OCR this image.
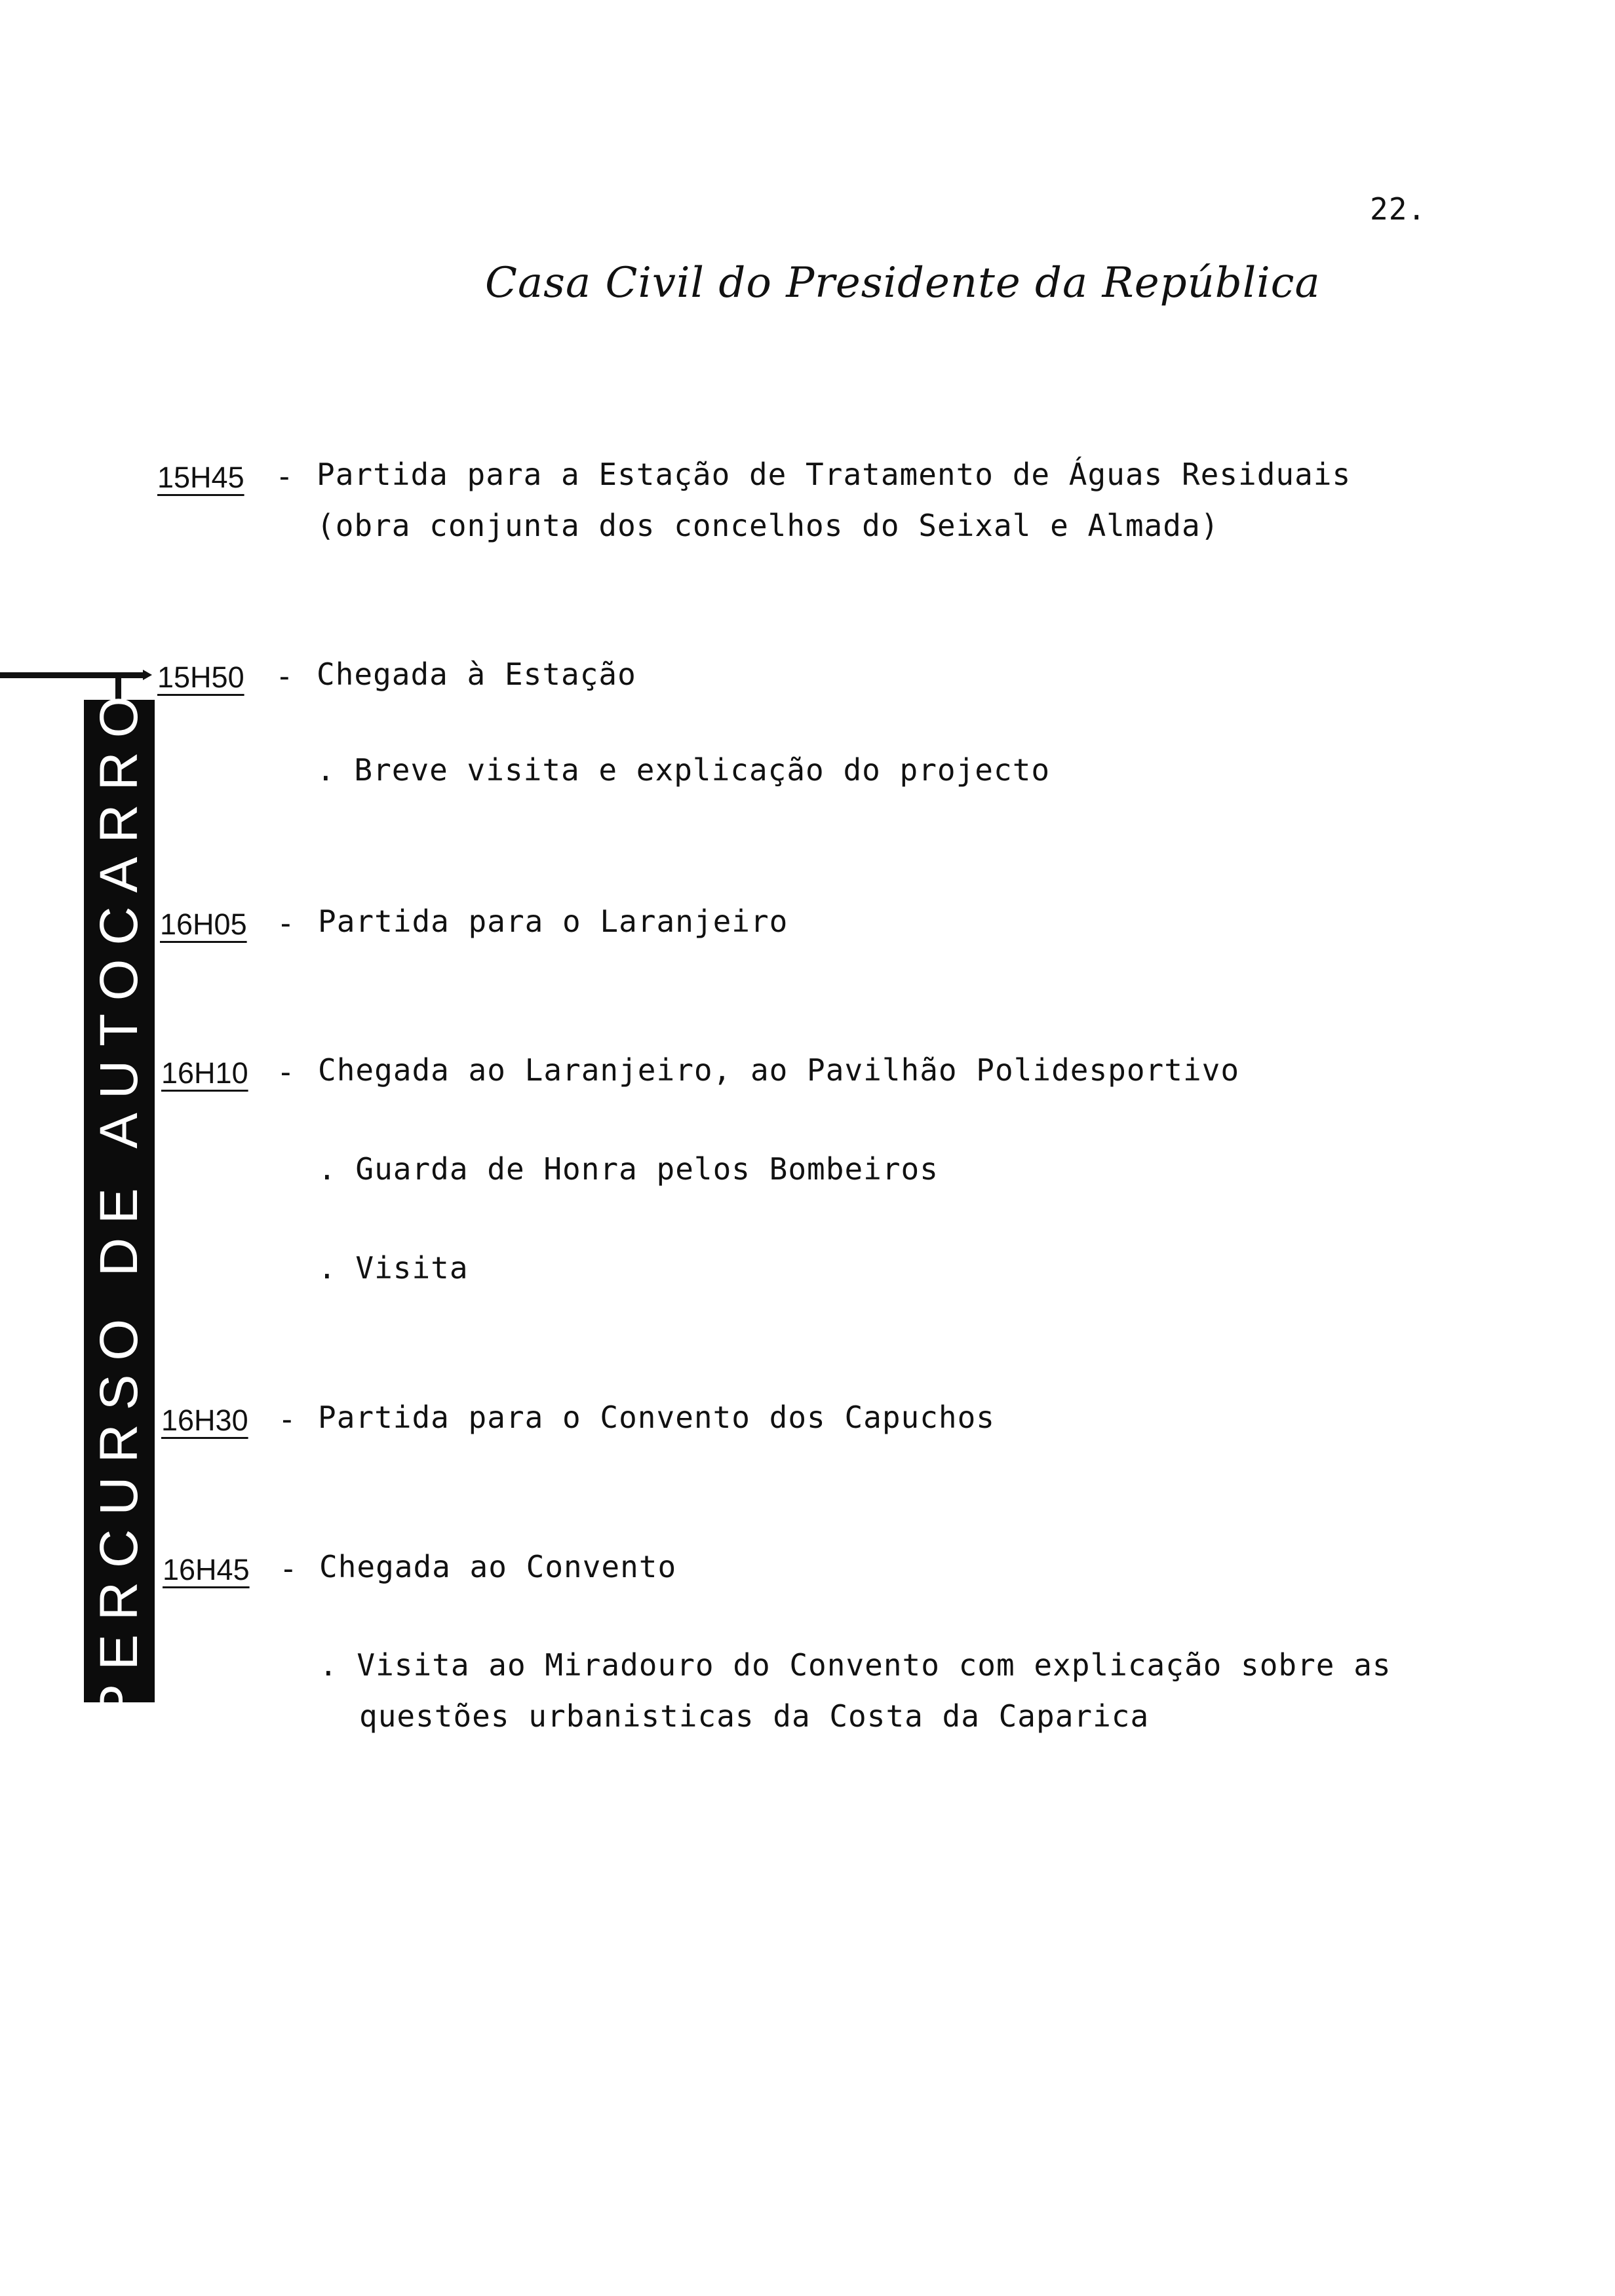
22.
Casa Civil do Presidente da República
PERCURSO DE AUTOCARRO
15H45 - Partida para a Estação de Tratamento de Águas Residuais
(obra conjunta dos concelhos do Seixal e Almada)
15H50 - Chegada à Estação
. Breve visita e explicação do projecto
16H05 - Partida para o Laranjeiro
16H10 - Chegada ao Laranjeiro, ao Pavilhão Polidesportivo
. Guarda de Honra pelos Bombeiros
. Visita
16H30 - Partida para o Convento dos Capuchos
16H45 - Chegada ao Convento
. Visita ao Miradouro do Convento com explicação sobre as
questões urbanisticas da Costa da Caparica
